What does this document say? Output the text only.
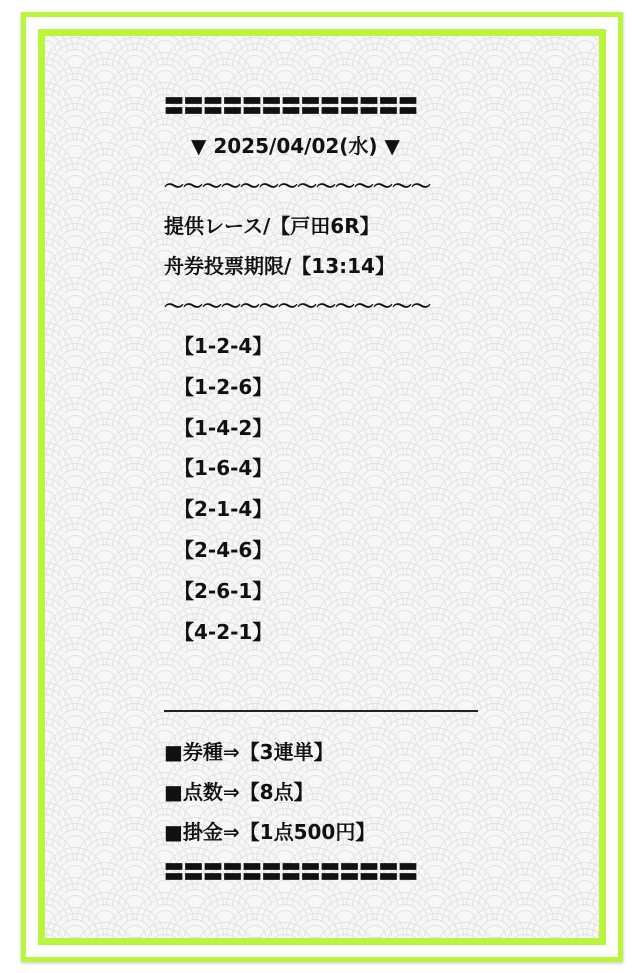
〓〓〓〓〓〓〓〓〓〓〓〓〓
▼ 2025/04/02(水) ▼
〜〜〜〜〜〜〜〜〜〜〜〜〜〜
提供レース/【戸田6R】
舟券投票期限/【13:14】
〜〜〜〜〜〜〜〜〜〜〜〜〜〜
【1-2-4】
【1-2-6】
【1-4-2】
【1-6-4】
【2-1-4】
【2-4-6】
【2-6-1】
【4-2-1】
■券種⇒【3連単】
■点数⇒【8点】
■掛金⇒【1点500円】
〓〓〓〓〓〓〓〓〓〓〓〓〓
